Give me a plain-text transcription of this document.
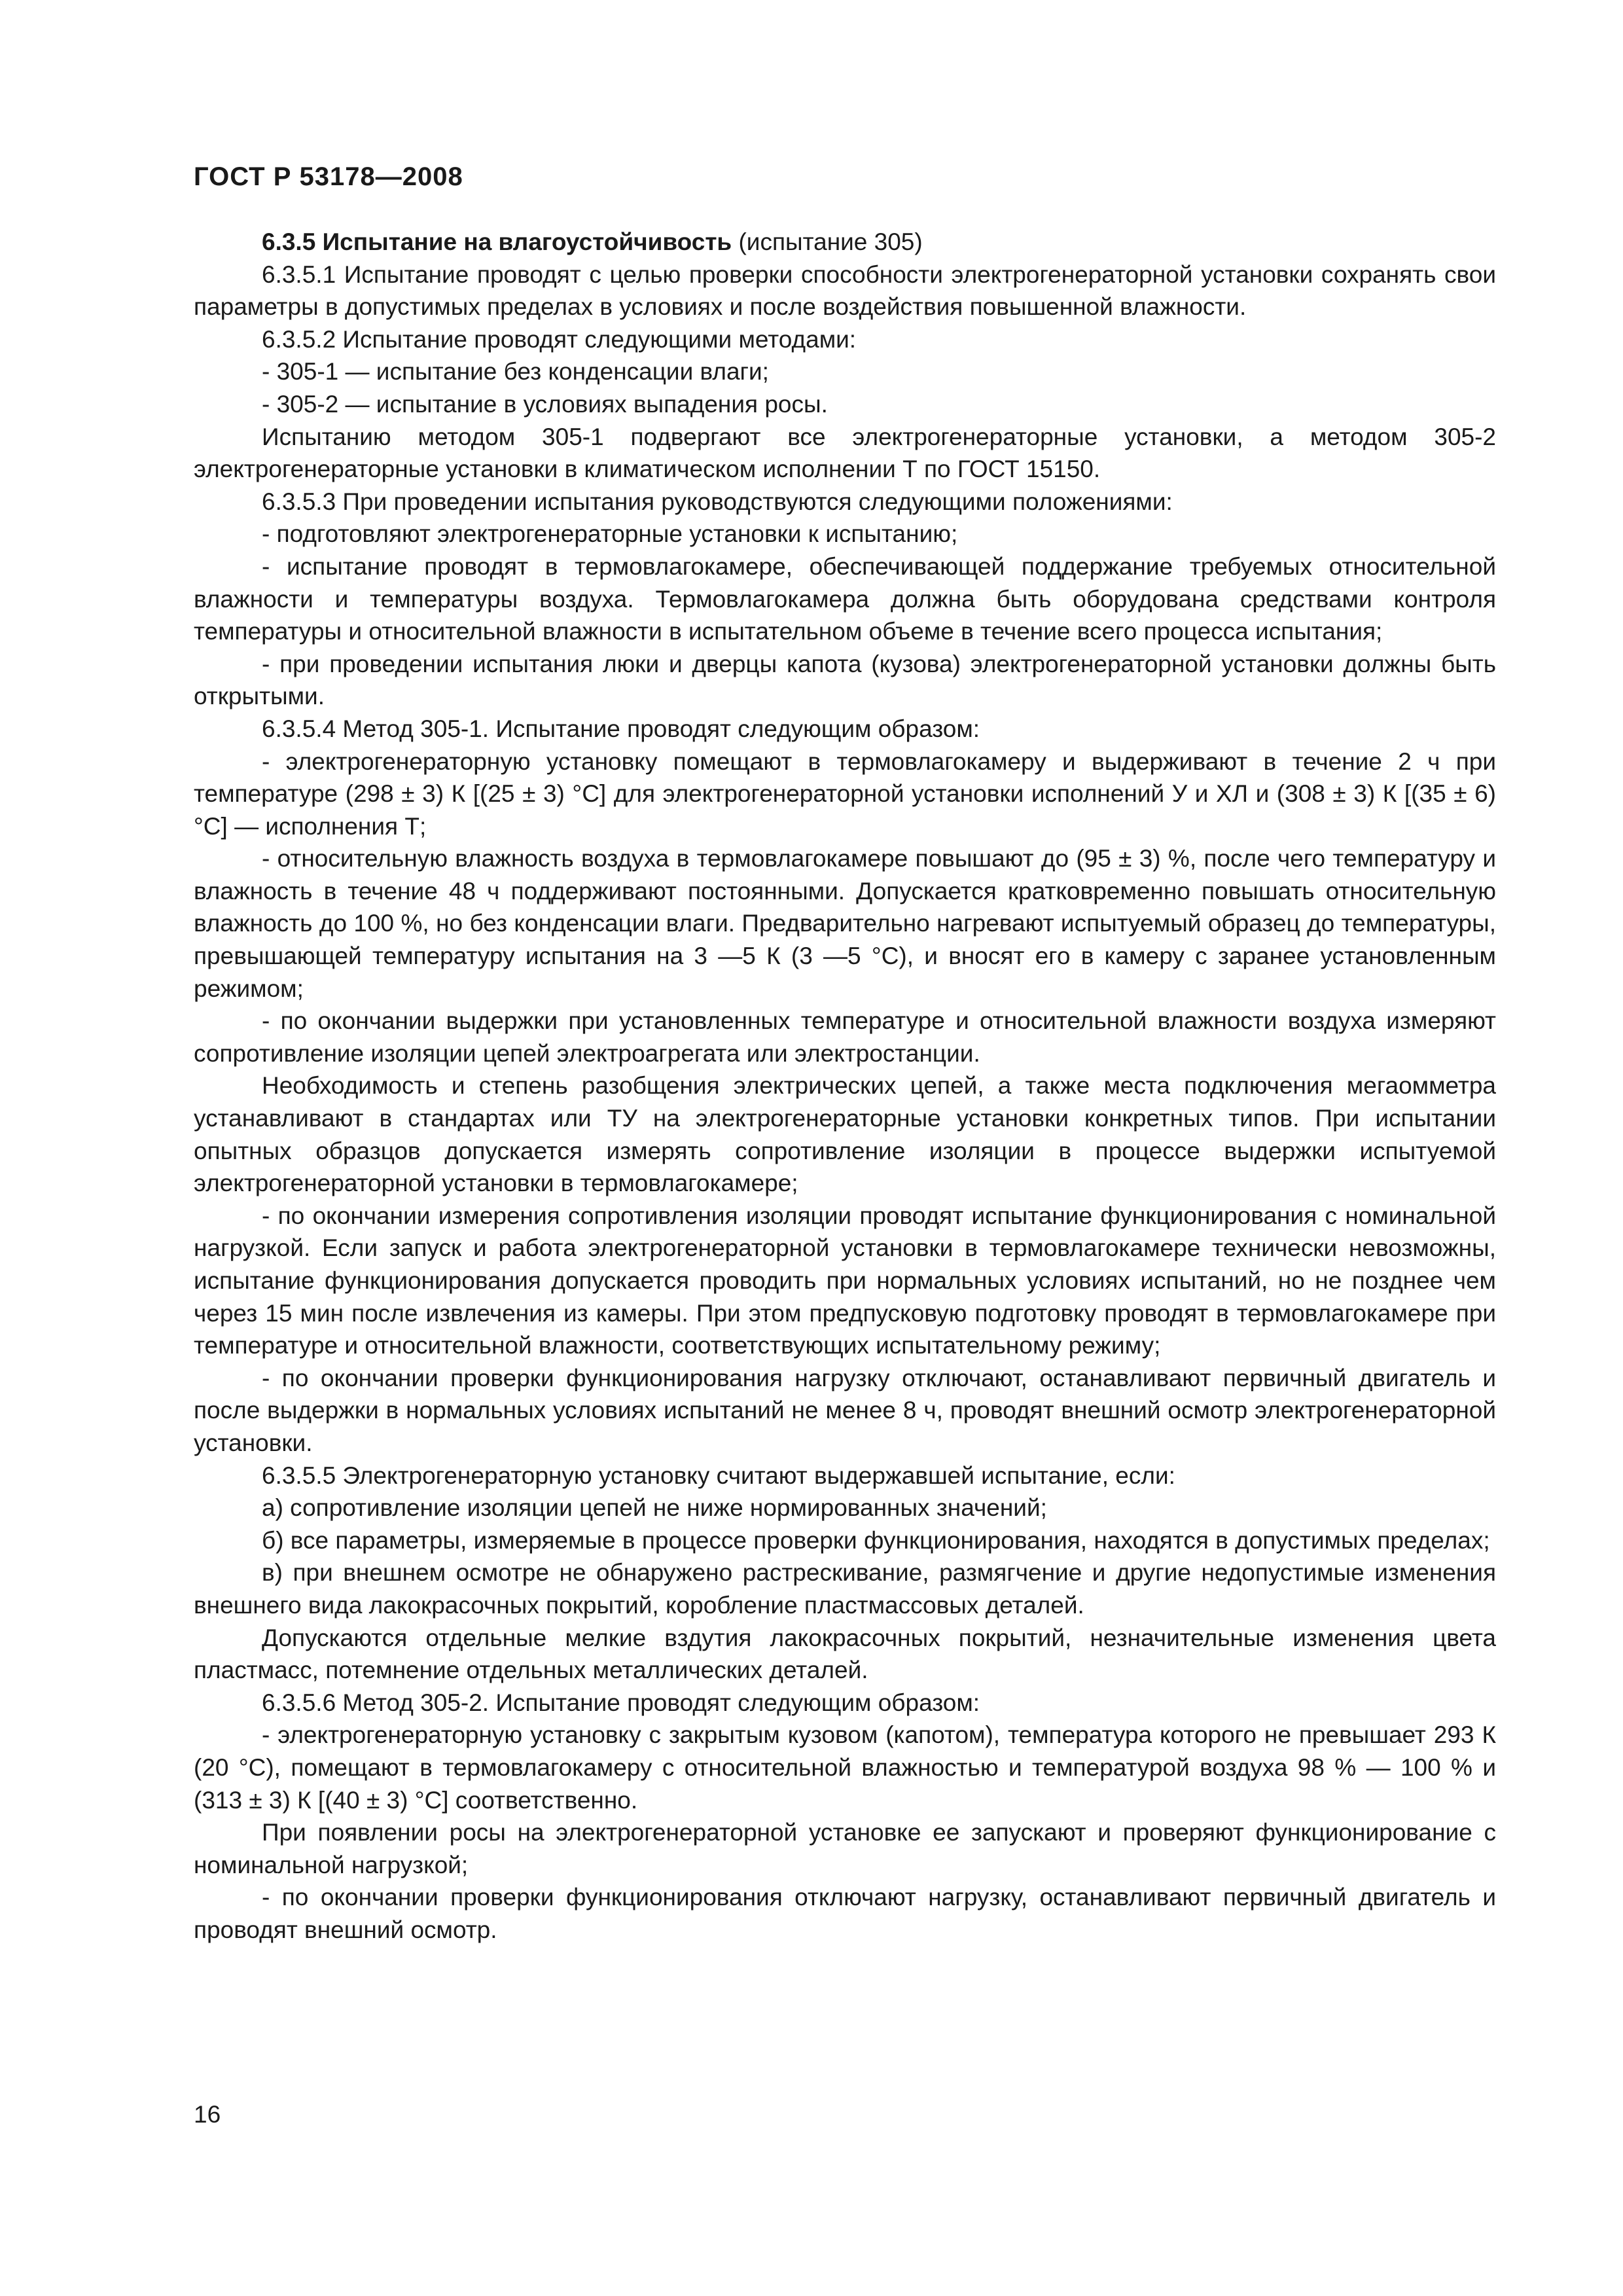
ГОСТ Р 53178—2008

6.3.5 Испытание на влагоустойчивость (испытание 305)

6.3.5.1 Испытание проводят с целью проверки способности электрогенераторной установки сохранять свои параметры в допустимых пределах в условиях и после воздействия повышенной влажности.

6.3.5.2 Испытание проводят следующими методами:

- 305-1 — испытание без конденсации влаги;

- 305-2 — испытание в условиях выпадения росы.

Испытанию методом 305-1 подвергают все электрогенераторные установки, а методом 305-2 электрогенераторные установки в климатическом исполнении Т по ГОСТ 15150.

6.3.5.3 При проведении испытания руководствуются следующими положениями:

- подготовляют электрогенераторные установки к испытанию;

- испытание проводят в термовлагокамере, обеспечивающей поддержание требуемых относительной влажности и температуры воздуха. Термовлагокамера должна быть оборудована средствами контроля температуры и относительной влажности в испытательном объеме в течение всего процесса испытания;

- при проведении испытания люки и дверцы капота (кузова) электрогенераторной установки должны быть открытыми.

6.3.5.4 Метод 305-1. Испытание проводят следующим образом:

- электрогенераторную установку помещают в термовлагокамеру и выдерживают в течение 2 ч при температуре (298 ± 3) К [(25 ± 3) °С] для электрогенераторной установки исполнений У и ХЛ и (308 ± 3) К [(35 ± 6) °С] — исполнения Т;

- относительную влажность воздуха в термовлагокамере повышают до (95 ± 3) %, после чего температуру и влажность в течение 48 ч поддерживают постоянными. Допускается кратковременно повышать относительную влажность до 100 %, но без конденсации влаги. Предварительно нагревают испытуемый образец до температуры, превышающей температуру испытания на 3 —5 К (3 —5 °С), и вносят его в камеру с заранее установленным режимом;

- по окончании выдержки при установленных температуре и относительной влажности воздуха измеряют сопротивление изоляции цепей электроагрегата или электростанции.

Необходимость и степень разобщения электрических цепей, а также места подключения мегаомметра устанавливают в стандартах или ТУ на электрогенераторные установки конкретных типов. При испытании опытных образцов допускается измерять сопротивление изоляции в процессе выдержки испытуемой электрогенераторной установки в термовлагокамере;

- по окончании измерения сопротивления изоляции проводят испытание функционирования с номинальной нагрузкой. Если запуск и работа электрогенераторной установки в термовлагокамере технически невозможны, испытание функционирования допускается проводить при нормальных условиях испытаний, но не позднее чем через 15 мин после извлечения из камеры. При этом предпусковую подготовку проводят в термовлагокамере при температуре и относительной влажности, соответствующих испытательному режиму;

- по окончании проверки функционирования нагрузку отключают, останавливают первичный двигатель и после выдержки в нормальных условиях испытаний не менее 8 ч, проводят внешний осмотр электрогенераторной установки.

6.3.5.5 Электрогенераторную установку считают выдержавшей испытание, если:

а) сопротивление изоляции цепей не ниже нормированных значений;

б) все параметры, измеряемые в процессе проверки функционирования, находятся в допустимых пределах;

в) при внешнем осмотре не обнаружено растрескивание, размягчение и другие недопустимые изменения внешнего вида лакокрасочных покрытий, коробление пластмассовых деталей.

Допускаются отдельные мелкие вздутия лакокрасочных покрытий, незначительные изменения цвета пластмасс, потемнение отдельных металлических деталей.

6.3.5.6 Метод 305-2. Испытание проводят следующим образом:

- электрогенераторную установку с закрытым кузовом (капотом), температура которого не превышает 293 К (20 °С), помещают в термовлагокамеру с относительной влажностью и температурой воздуха 98 % — 100 % и (313 ± 3) К [(40 ± 3) °С] соответственно.

При появлении росы на электрогенераторной установке ее запускают и проверяют функционирование с номинальной нагрузкой;

- по окончании проверки функционирования отключают нагрузку, останавливают первичный двигатель и проводят внешний осмотр.

16
